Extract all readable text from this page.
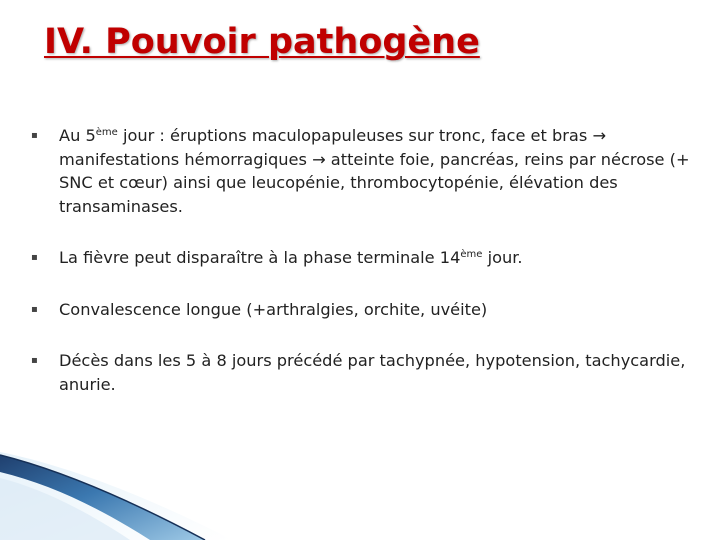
IV. Pouvoir pathogène
▪ Au 5ème jour : éruptions maculopapuleuses sur tronc, face et bras → manifestations hémorragiques → atteinte foie, pancréas, reins par nécrose (+ SNC et cœur) ainsi que leucopénie, thrombocytopénie, élévation des transaminases.
▪ La fièvre peut disparaître à la phase terminale 14ème jour.
▪ Convalescence longue (+arthralgies, orchite, uvéite)
▪ Décès dans les 5 à 8 jours précédé par tachypnée, hypotension, tachycardie, anurie.
